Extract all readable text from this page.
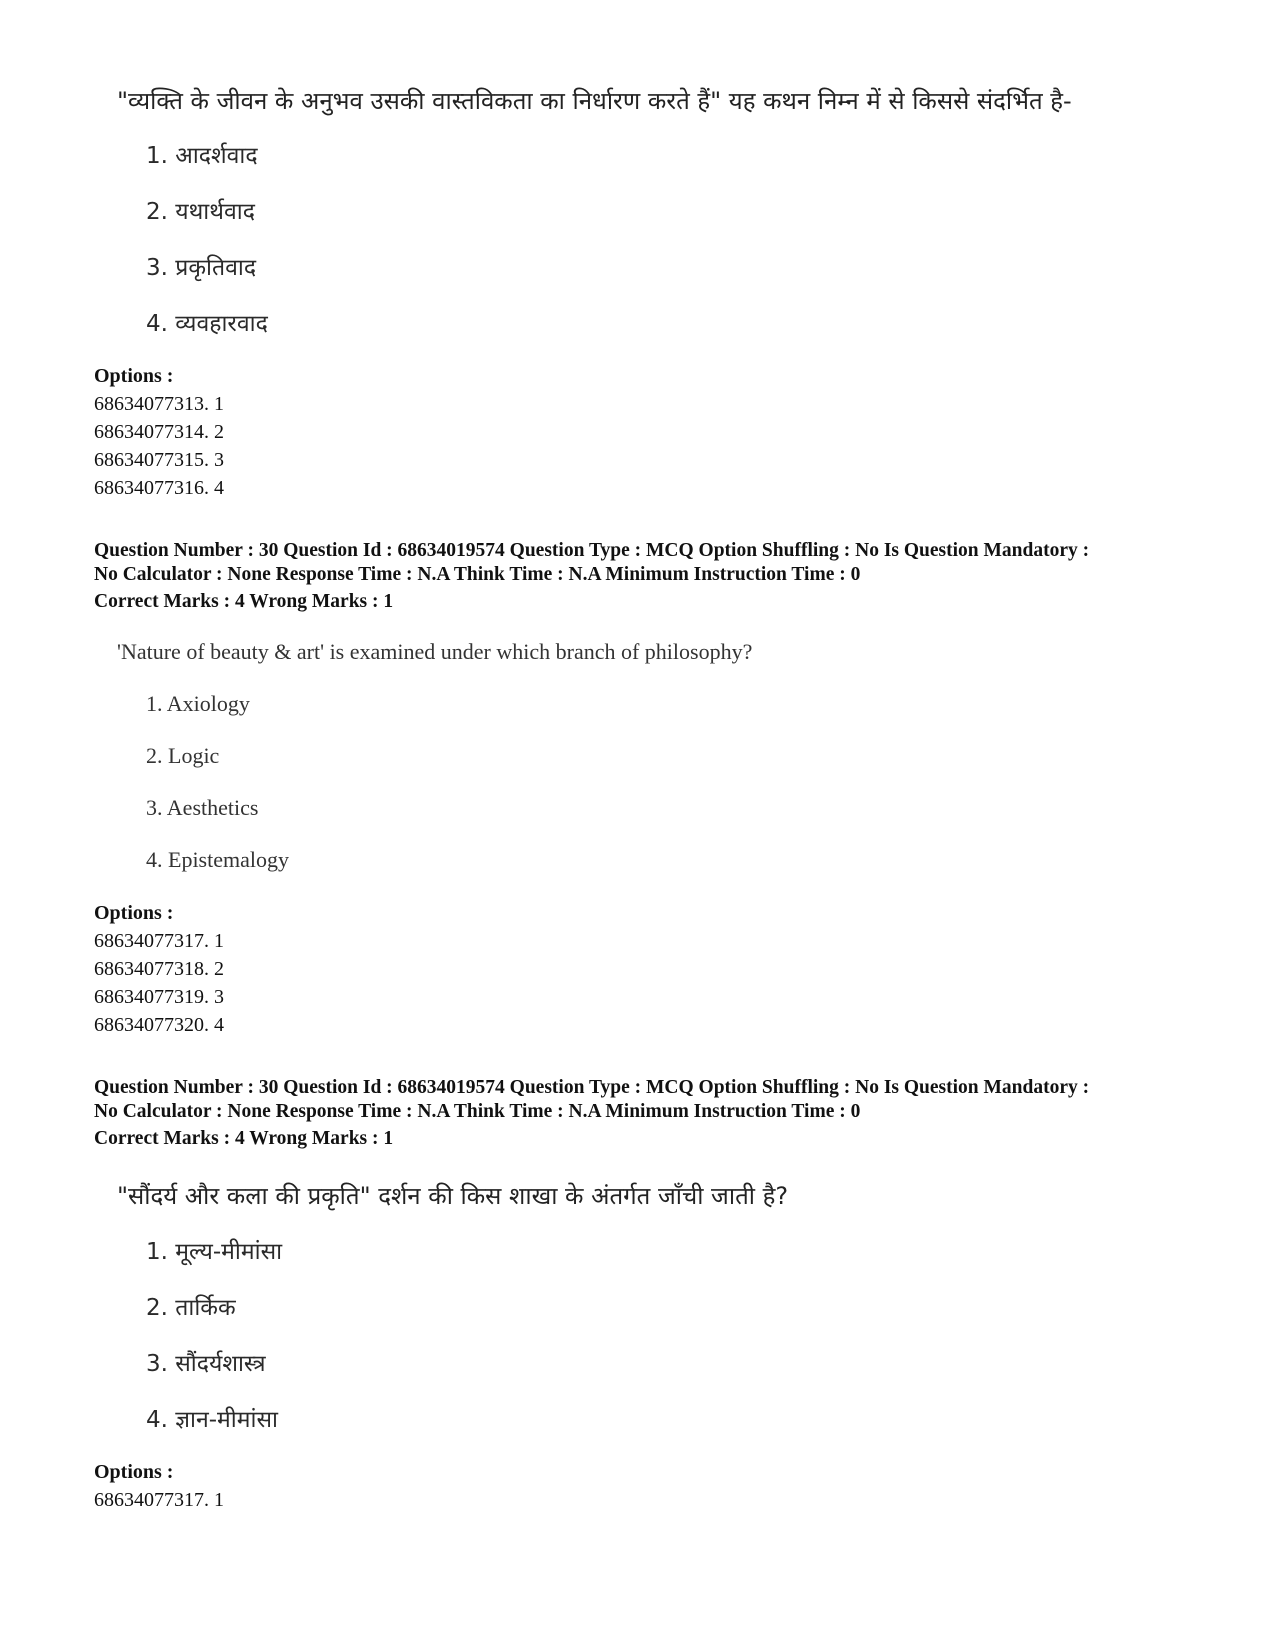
"व्यक्ति के जीवन के अनुभव उसकी वास्तविकता का निर्धारण करते हैं" यह कथन निम्न में से किससे संदर्भित है-
1. आदर्शवाद
2. यथार्थवाद
3. प्रकृतिवाद
4. व्यवहारवाद
Options :
68634077313. 1
68634077314. 2
68634077315. 3
68634077316. 4
Question Number : 30 Question Id : 68634019574 Question Type : MCQ Option Shuffling : No Is Question Mandatory :
No Calculator : None Response Time : N.A Think Time : N.A Minimum Instruction Time : 0
Correct Marks : 4 Wrong Marks : 1
'Nature of beauty & art' is examined under which branch of philosophy?
1. Axiology
2. Logic
3. Aesthetics
4. Epistemalogy
Options :
68634077317. 1
68634077318. 2
68634077319. 3
68634077320. 4
Question Number : 30 Question Id : 68634019574 Question Type : MCQ Option Shuffling : No Is Question Mandatory :
No Calculator : None Response Time : N.A Think Time : N.A Minimum Instruction Time : 0
Correct Marks : 4 Wrong Marks : 1
"सौंदर्य और कला की प्रकृति" दर्शन की किस शाखा के अंतर्गत जाँची जाती है?
1. मूल्य-मीमांसा
2. तार्किक
3. सौंदर्यशास्त्र
4. ज्ञान-मीमांसा
Options :
68634077317. 1
